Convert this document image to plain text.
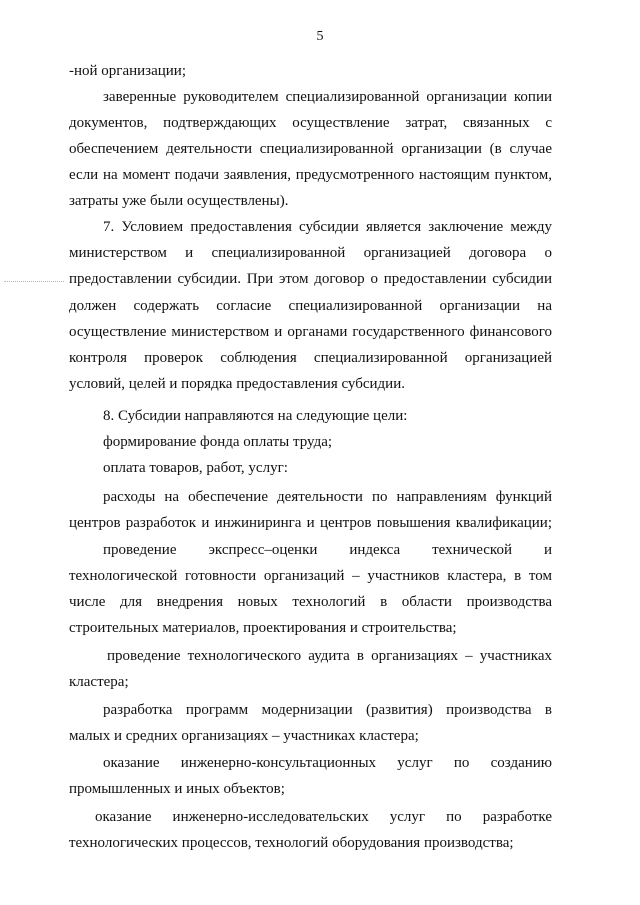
5
-ной организации;
заверенные руководителем специализированной организации копии
документов, подтверждающих осуществление затрат, связанных с
обеспечением деятельности специализированной организации (в случае
если на момент подачи заявления, предусмотренного настоящим пунктом,
затраты уже были осуществлены).
7. Условием предоставления субсидии является заключение между
министерством и специализированной организацией договора о
предоставлении субсидии. При этом договор о предоставлении субсидии
должен содержать согласие специализированной организации на
осуществление министерством и органами государственного финансового
контроля проверок соблюдения специализированной организацией
условий, целей и порядка предоставления субсидии.
8. Субсидии направляются на следующие цели:
формирование фонда оплаты труда;
оплата товаров, работ, услуг:
расходы на обеспечение деятельности по направлениям функций
центров разработок и инжиниринга и центров повышения квалификации;
проведение экспресс–оценки индекса технической и
технологической готовности организаций – участников кластера, в том
числе для внедрения новых технологий в области производства
строительных материалов, проектирования и строительства;
проведение технологического аудита в организациях – участниках
кластера;
разработка программ модернизации (развития) производства в
малых и средних организациях – участниках кластера;
оказание инженерно-консультационных услуг по созданию
промышленных и иных объектов;
оказание инженерно-исследовательских услуг по разработке
технологических процессов, технологий оборудования производства;
